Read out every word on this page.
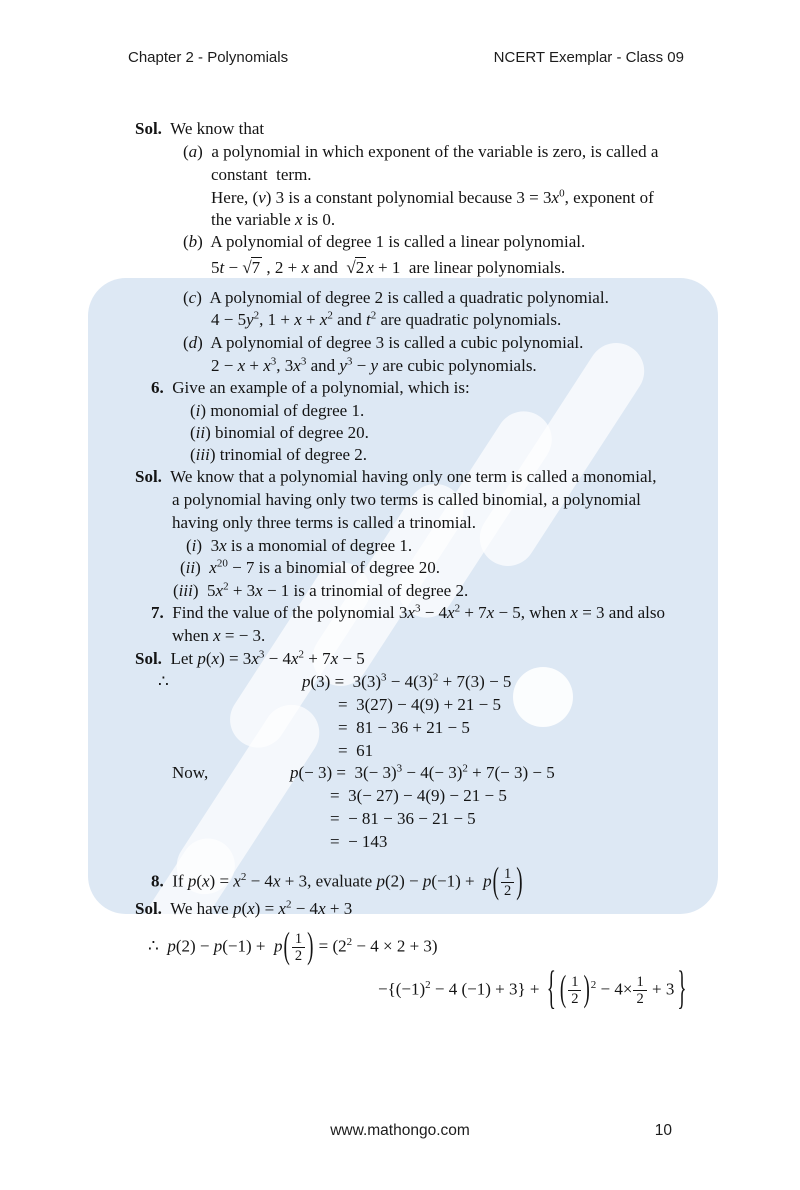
Chapter 2 - Polynomials	NCERT Exemplar - Class 09
Sol.  We know that
(a)  a polynomial in which exponent of the variable is zero, is called a
constant  term.
Here, (v) 3 is a constant polynomial because $3 = 3x^0$, exponent of
the variable x is 0.
(b)  A polynomial of degree 1 is called a linear polynomial.
5t − √7 , 2 + x and  √2 x + 1  are linear polynomials.
(c)  A polynomial of degree 2 is called a quadratic polynomial.
$4 - 5y^2$, $1 + x + x^2$ and $t^2$ are quadratic polynomials.
(d)  A polynomial of degree 3 is called a cubic polynomial.
$2 - x + x^3$, $3x^3$ and $y^3 - y$ are cubic polynomials.
6.  Give an example of a polynomial, which is:
(i) monomial of degree 1.
(ii) binomial of degree 20.
(iii) trinomial of degree 2.
Sol.  We know that a polynomial having only one term is called a monomial,
a polynomial having only two terms is called binomial, a polynomial
having only three terms is called a trinomial.
(i)  3x is a monomial of degree 1.
(ii)  $x^{20} - 7$ is a binomial of degree 20.
(iii)  $5x^2 + 3x - 1$ is a trinomial of degree 2.
7.  Find the value of the polynomial $3x^3 - 4x^2 + 7x - 5$, when x = 3 and also
when x = − 3.
Sol.  Let $p(x) = 3x^3 - 4x^2 + 7x - 5$
∴	$p(3) = 3(3)^3 - 4(3)^2 + 7(3) - 5$
=  3(27) − 4(9) + 21 − 5
=  81 − 36 + 21 − 5
=  61
Now,	$p(- 3) = 3(- 3)^3 - 4(- 3)^2 + 7(- 3) - 5$
=  3(− 27) − 4(9) − 21 − 5
=  − 81 − 36 − 21 − 5
=  − 143
8.  If $p(x) = x^2 - 4x + 3$, evaluate $p(2) - p(-1) + p( \frac{1}{2}$ )
Sol.  We have $p(x) = x^2 - 4x + 3$
∴  $p(2) - p(-1) + p( \frac{1}{2}$ ) = $(2^2 - 4 \times 2 + 3)$
$-\{(-1)^2 - 4$ (−1) + 3} + { ( $\frac{1}{2} )^2 - 4\times \frac{1}{2} + 3$ }
www.mathongo.com	10
